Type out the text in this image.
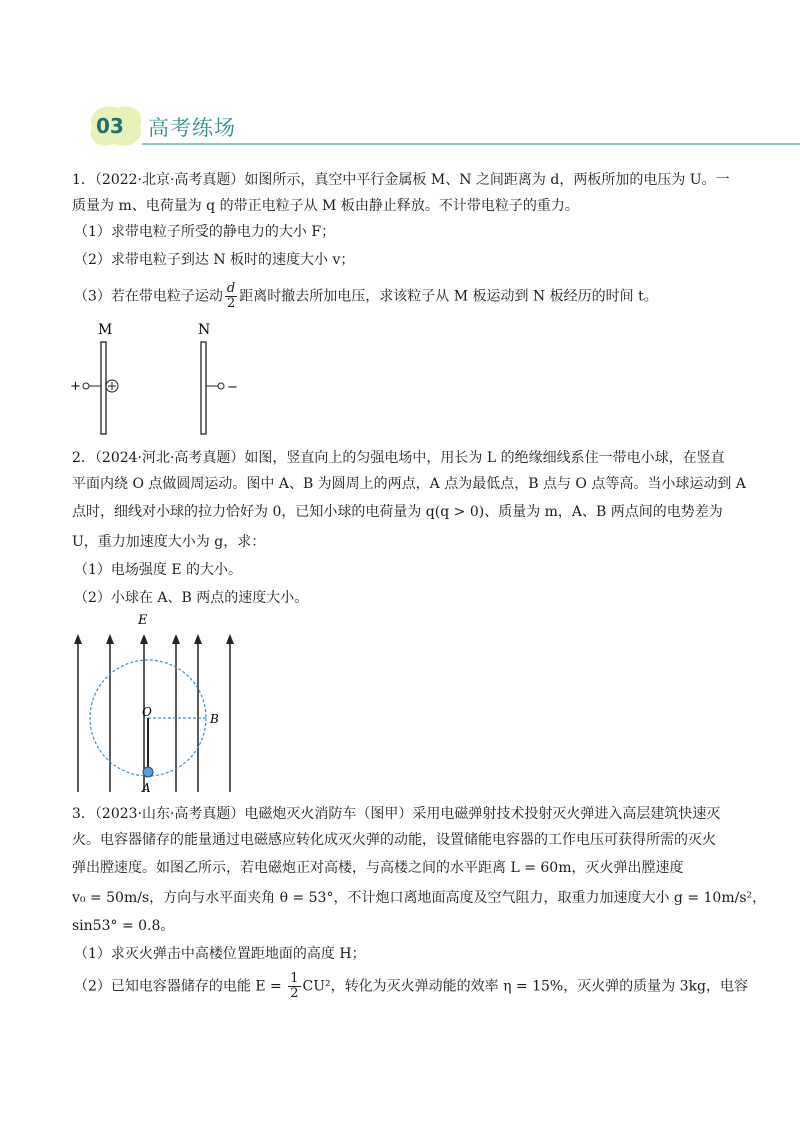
03 高考练场
1．（2022·北京·高考真题）如图所示，真空中平行金属板 M、N 之间距离为 d，两板所加的电压为 U。一
质量为 m、电荷量为 q 的带正电粒子从 M 板由静止释放。不计带电粒子的重力。
（1）求带电粒子所受的静电力的大小 F；
（2）求带电粒子到达 N 板时的速度大小 v；
（3）若在带电粒子运动 $\frac{d}{2}$ 距离时撤去所加电压，求该粒子从 M 板运动到 N 板经历的时间 t。
M	N
+	−
2．（2024·河北·高考真题）如图，竖直向上的匀强电场中，用长为 L 的绝缘细线系住一带电小球，在竖直
平面内绕 O 点做圆周运动。图中 A、B 为圆周上的两点，A 点为最低点，B 点与 O 点等高。当小球运动到 A
点时，细线对小球的拉力恰好为 0，已知小球的电荷量为 q(q > 0)、质量为 m，A、B 两点间的电势差为
U，重力加速度大小为 g，求：
（1）电场强度 E 的大小。
（2）小球在 A、B 两点的速度大小。
E
O	B
A
3．（2023·山东·高考真题）电磁炮灭火消防车（图甲）采用电磁弹射技术投射灭火弹进入高层建筑快速灭
火。电容器储存的能量通过电磁感应转化成灭火弹的动能，设置储能电容器的工作电压可获得所需的灭火
弹出膛速度。如图乙所示，若电磁炮正对高楼，与高楼之间的水平距离 L = 60m，灭火弹出膛速度
v₀ = 50m/s，方向与水平面夹角 θ = 53°，不计炮口离地面高度及空气阻力，取重力加速度大小 g = 10m/s²，
sin53° = 0.8。
（1）求灭火弹击中高楼位置距地面的高度 H；
（2）已知电容器储存的电能 $E = \frac{1}{2} CU^2$，转化为灭火弹动能的效率 η = 15%，灭火弹的质量为 3kg，电容
